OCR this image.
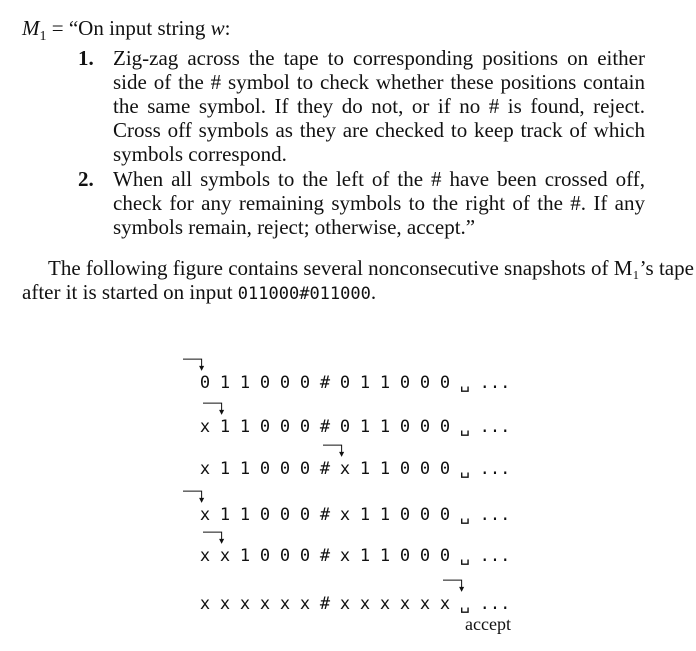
$M_1$ = “On input string w:
1. Zig-zag across the tape to corresponding positions on either
side of the # symbol to check whether these positions contain
the same symbol. If they do not, or if no # is found, reject.
Cross off symbols as they are checked to keep track of which
symbols correspond.
2. When all symbols to the left of the # have been crossed off,
check for any remaining symbols to the right of the #. If any
symbols remain, reject; otherwise, accept.”
The following figure contains several nonconsecutive snapshots of M₁’s tape
after it is started on input 011000#011000.
0 1 1 0 0 0 # 0 1 1 0 0 0 ␣ ...
x 1 1 0 0 0 # 0 1 1 0 0 0 ␣ ...
x 1 1 0 0 0 # x 1 1 0 0 0 ␣ ...
x 1 1 0 0 0 # x 1 1 0 0 0 ␣ ...
x x 1 0 0 0 # x 1 1 0 0 0 ␣ ...
x x x x x x # x x x x x x ␣ ...
accept
